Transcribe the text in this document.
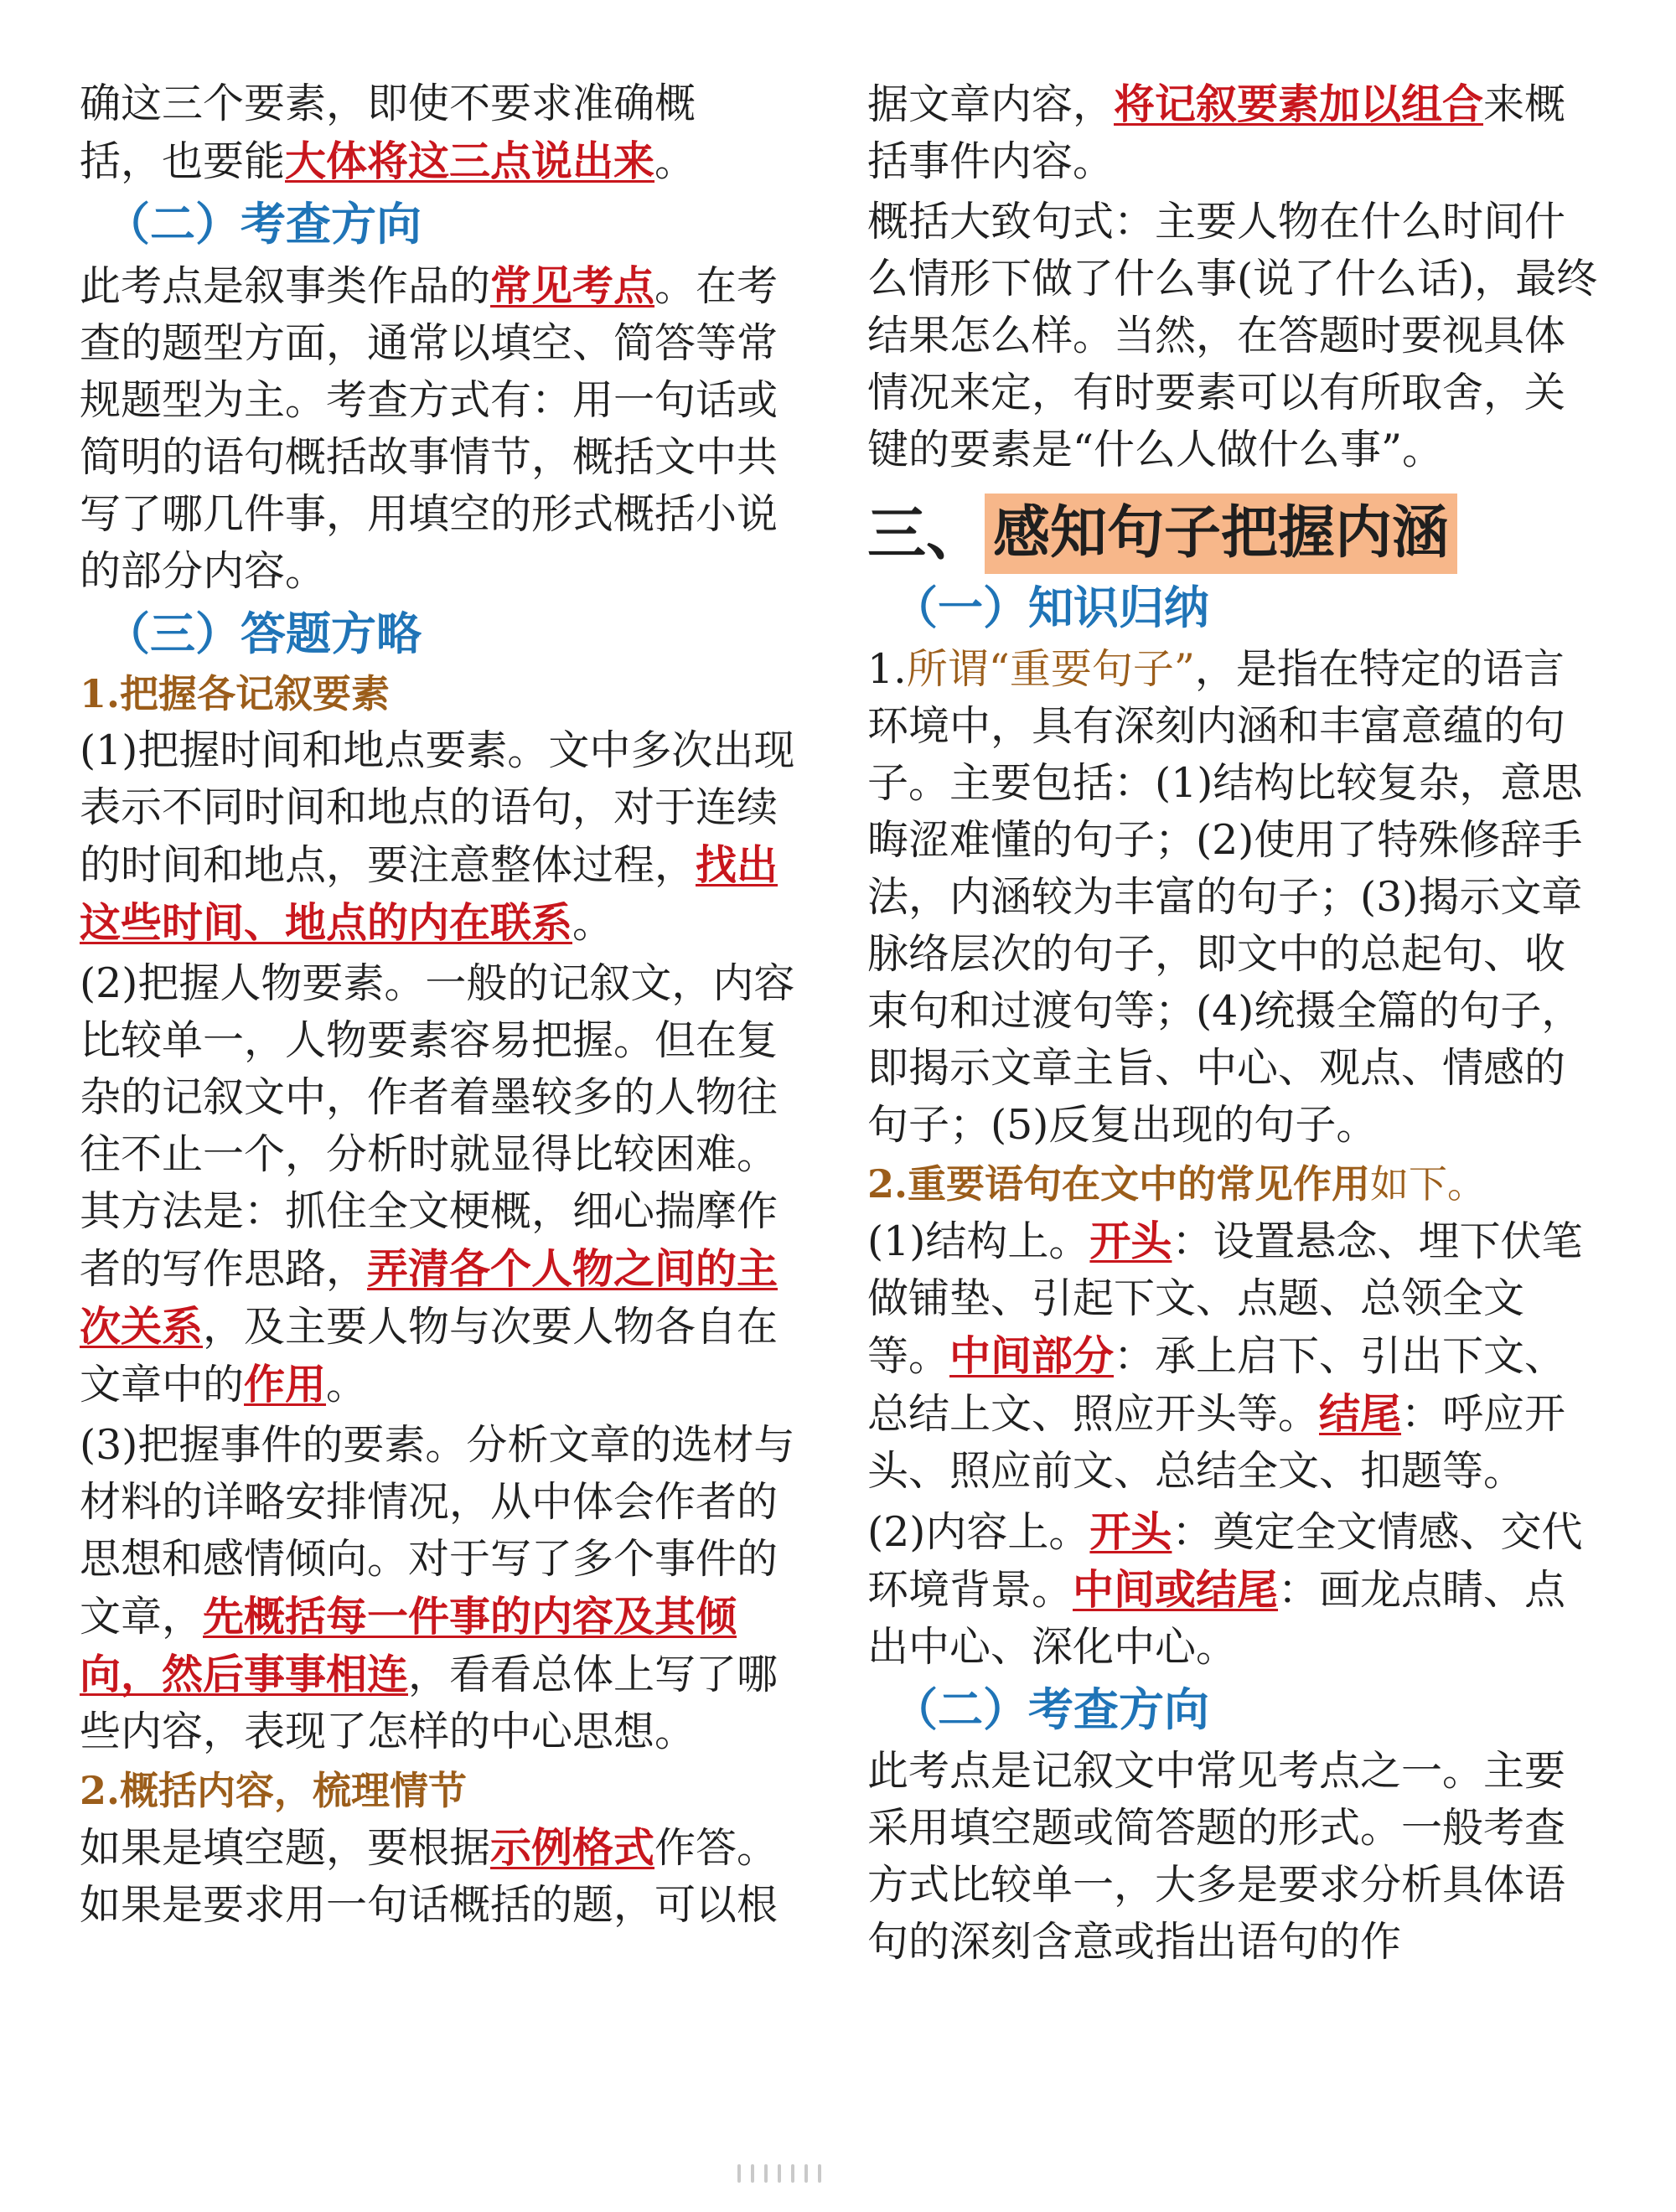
确这三个要素，即使不要求准确概
括，也要能大体将这三点说出来。

（二）考查方向

此考点是叙事类作品的常见考点。在考查的题型方面，通常以填空、简答等常规题型为主。考查方式有：用一句话或简明的语句概括故事情节，概括文中共写了哪几件事，用填空的形式概括小说的部分内容。

（三）答题方略
1.把握各记叙要素

(1)把握时间和地点要素。文中多次出现表示不同时间和地点的语句，对于连续的时间和地点，要注意整体过程，找出这些时间、地点的内在联系。

(2)把握人物要素。一般的记叙文，内容比较单一，人物要素容易把握。但在复杂的记叙文中，作者着墨较多的人物往往不止一个，分析时就显得比较困难。其方法是：抓住全文梗概，细心揣摩作者的写作思路，弄清各个人物之间的主次关系，及主要人物与次要人物各自在文章中的作用。

(3)把握事件的要素。分析文章的选材与材料的详略安排情况，从中体会作者的思想和感情倾向。对于写了多个事件的文章，先概括每一件事的内容及其倾向，然后事事相连，看看总体上写了哪些内容，表现了怎样的中心思想。

2.概括内容，梳理情节

如果是填空题，要根据示例格式作答。如果是要求用一句话概括的题，可以根

据文章内容，将记叙要素加以组合来概括事件内容。

概括大致句式：主要人物在什么时间什么情形下做了什么事(说了什么话)，最终结果怎么样。当然，在答题时要视具体情况来定，有时要素可以有所取舍，关键的要素是“什么人做什么事”。

三、 感知句子把握内涵
（一）知识归纳

1.所谓“重要句子”，是指在特定的语言环境中，具有深刻内涵和丰富意蕴的句子。主要包括：(1)结构比较复杂，意思晦涩难懂的句子；(2)使用了特殊修辞手法，内涵较为丰富的句子；(3)揭示文章脉络层次的句子，即文中的总起句、收束句和过渡句等；(4)统摄全篇的句子，即揭示文章主旨、中心、观点、情感的句子；(5)反复出现的句子。

2.重要语句在文中的常见作用如下。

(1)结构上。开头：设置悬念、埋下伏笔做铺垫、引起下文、点题、总领全文等。中间部分：承上启下、引出下文、总结上文、照应开头等。结尾：呼应开头、照应前文、总结全文、扣题等。

(2)内容上。开头：奠定全文情感、交代环境背景。中间或结尾：画龙点睛、点出中心、深化中心。

（二）考查方向

此考点是记叙文中常见考点之一。主要采用填空题或简答题的形式。一般考查方式比较单一，大多是要求分析具体语句的深刻含意或指出语句的作
